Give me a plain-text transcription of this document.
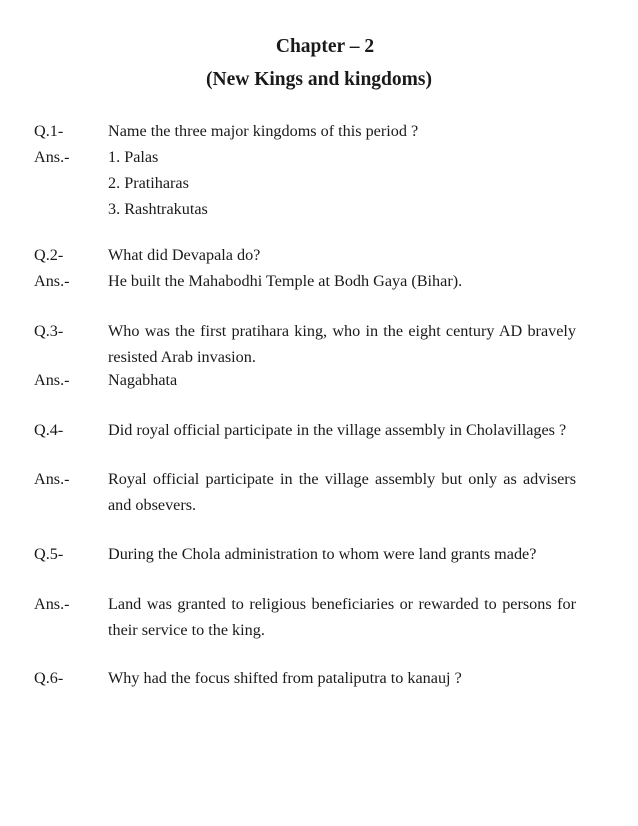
Chapter – 2
(New Kings and kingdoms)
Q.1-	Name the three major kingdoms of this period ?
Ans.-	1. Palas
2. Pratiharas
3. Rashtrakutas
Q.2-	What did Devapala do?
Ans.-	He built the Mahabodhi Temple at Bodh Gaya (Bihar).
Q.3-	Who was the first pratihara king, who in the eight century AD bravely resisted Arab invasion.
Ans.-	Nagabhata
Q.4-	Did royal official participate in the village assembly in Cholavillages ?
Ans.-	Royal official participate in the village assembly but only as advisers and obsevers.
Q.5-	During the Chola administration to whom were land grants made?
Ans.-	Land was granted to religious beneficiaries or rewarded to persons for their service to the king.
Q.6-	Why had the focus shifted from pataliputra to kanauj ?
